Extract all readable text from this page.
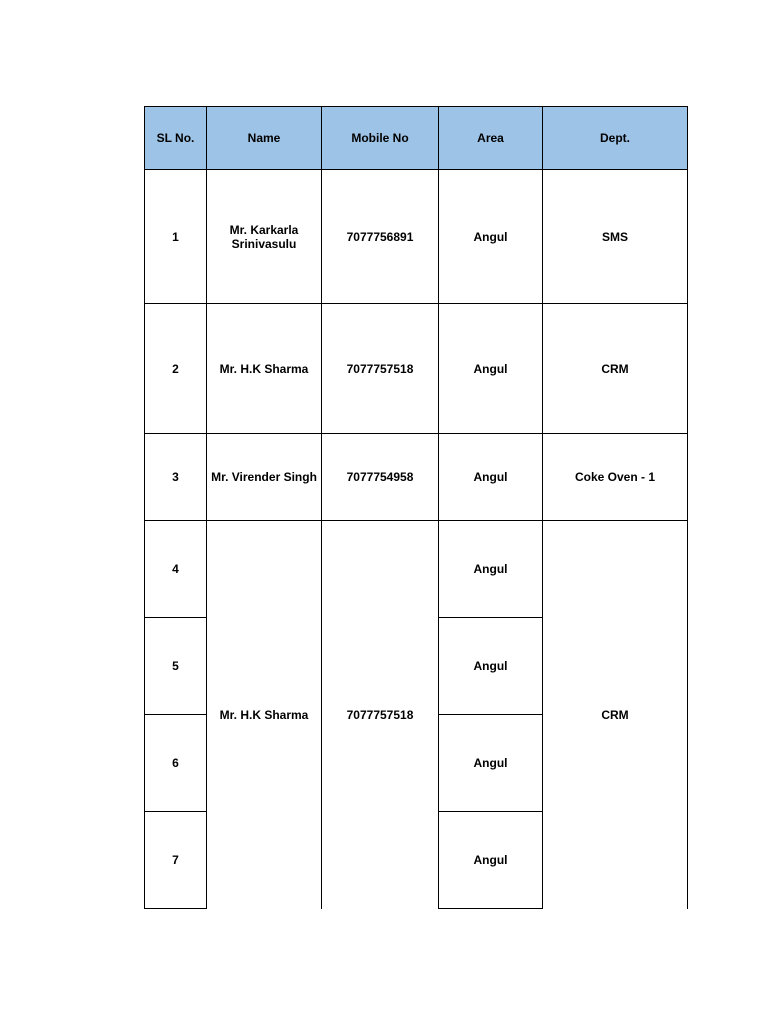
SL No.	Name	Mobile No	Area	Dept.
1	Mr. Karkarla Srinivasulu	7077756891	Angul	SMS
2	Mr. H.K Sharma	7077757518	Angul	CRM
3	Mr. Virender Singh	7077754958	Angul	Coke Oven - 1
4	Mr. H.K Sharma	7077757518	Angul	CRM
5			Angul	
6			Angul	
7			Angul	
